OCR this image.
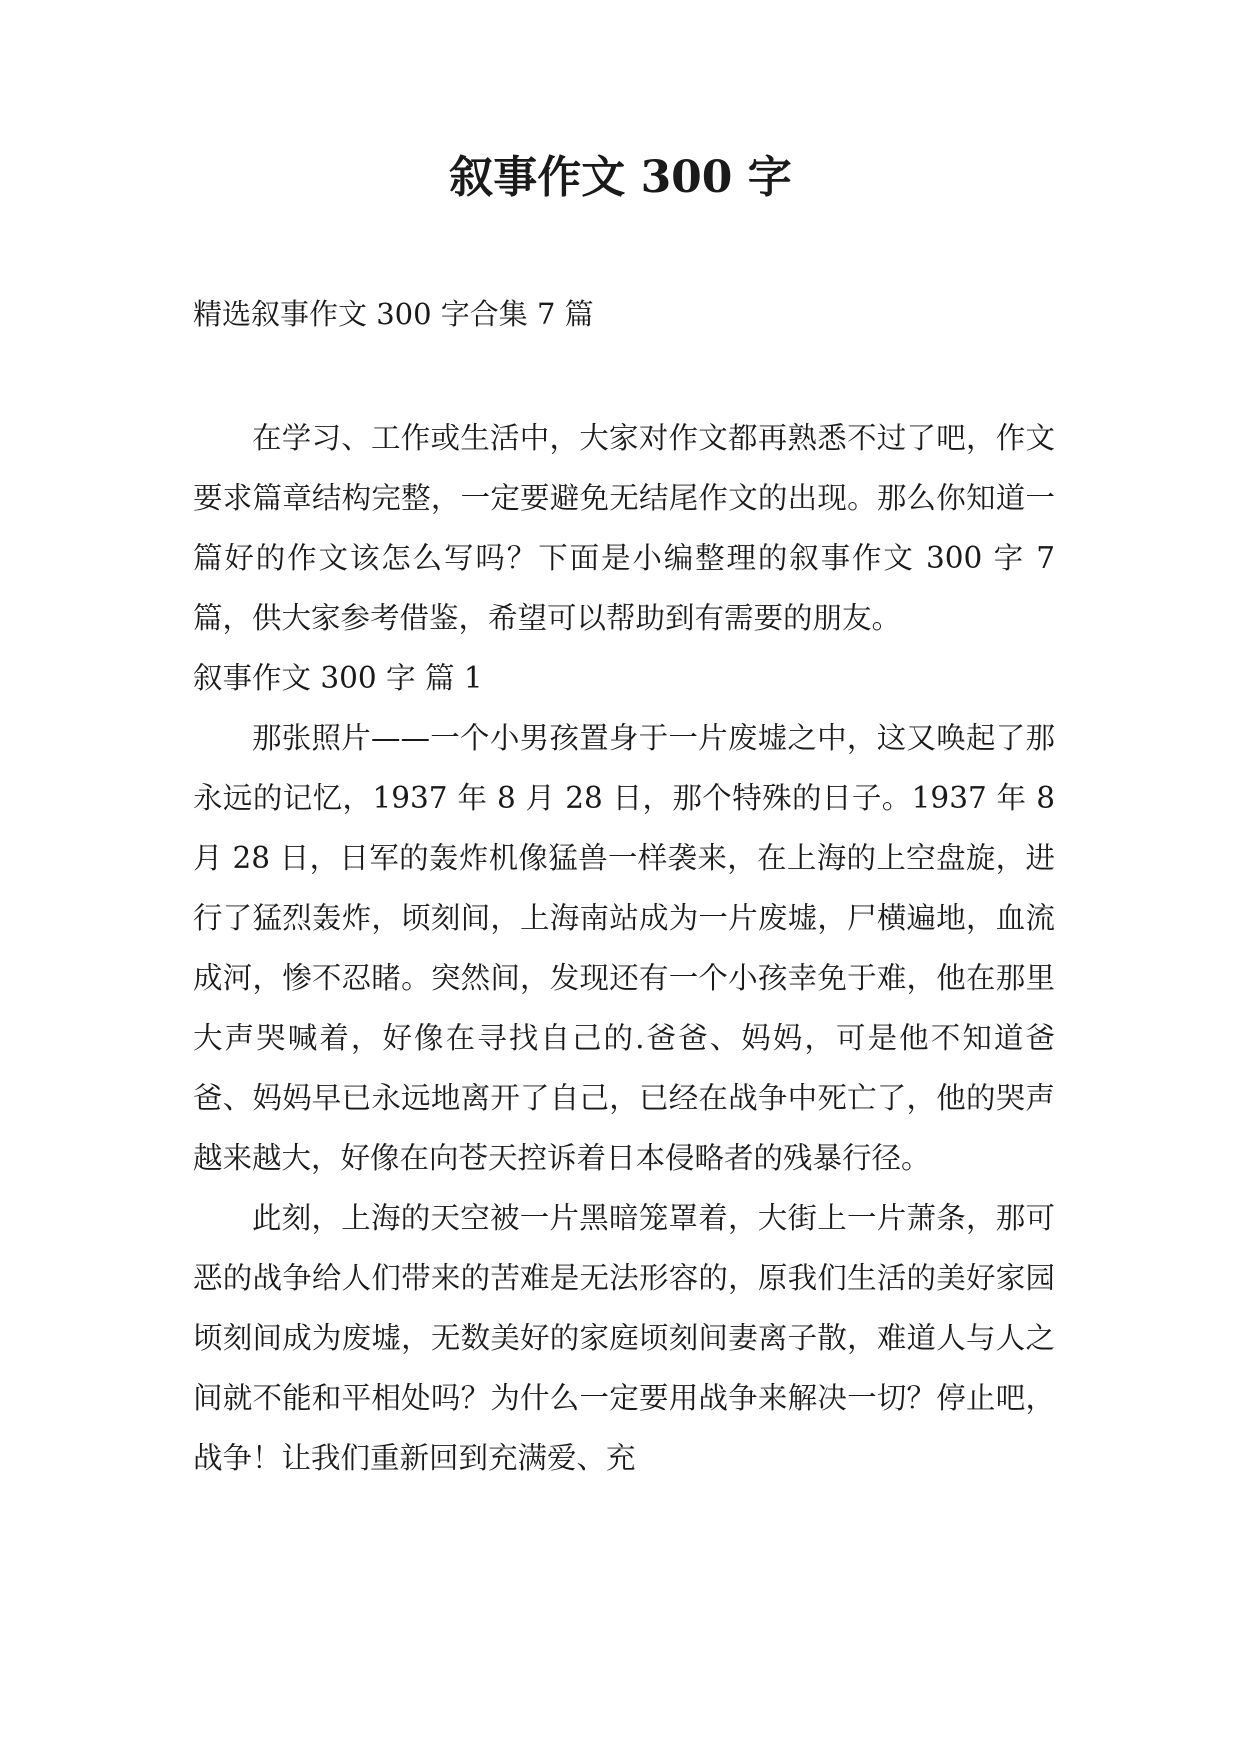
叙事作文 300 字
精选叙事作文 300 字合集 7 篇

在学习、工作或生活中，大家对作文都再熟悉不过了吧，作文要求篇章结构完整，一定要避免无结尾作文的出现。那么你知道一篇好的作文该怎么写吗？下面是小编整理的叙事作文 300 字 7 篇，供大家参考借鉴，希望可以帮助到有需要的朋友。

叙事作文 300 字 篇 1

那张照片——一个小男孩置身于一片废墟之中，这又唤起了那永远的记忆，1937 年 8 月 28 日，那个特殊的日子。1937 年 8 月 28 日，日军的轰炸机像猛兽一样袭来，在上海的上空盘旋，进行了猛烈轰炸，顷刻间，上海南站成为一片废墟，尸横遍地，血流成河，惨不忍睹。突然间，发现还有一个小孩幸免于难，他在那里大声哭喊着，好像在寻找自己的.爸爸、妈妈，可是他不知道爸爸、妈妈早已永远地离开了自己，已经在战争中死亡了，他的哭声越来越大，好像在向苍天控诉着日本侵略者的残暴行径。

此刻，上海的天空被一片黑暗笼罩着，大街上一片萧条，那可恶的战争给人们带来的苦难是无法形容的，原我们生活的美好家园顷刻间成为废墟，无数美好的家庭顷刻间妻离子散，难道人与人之间就不能和平相处吗？为什么一定要用战争来解决一切？停止吧，战争！让我们重新回到充满爱、充
